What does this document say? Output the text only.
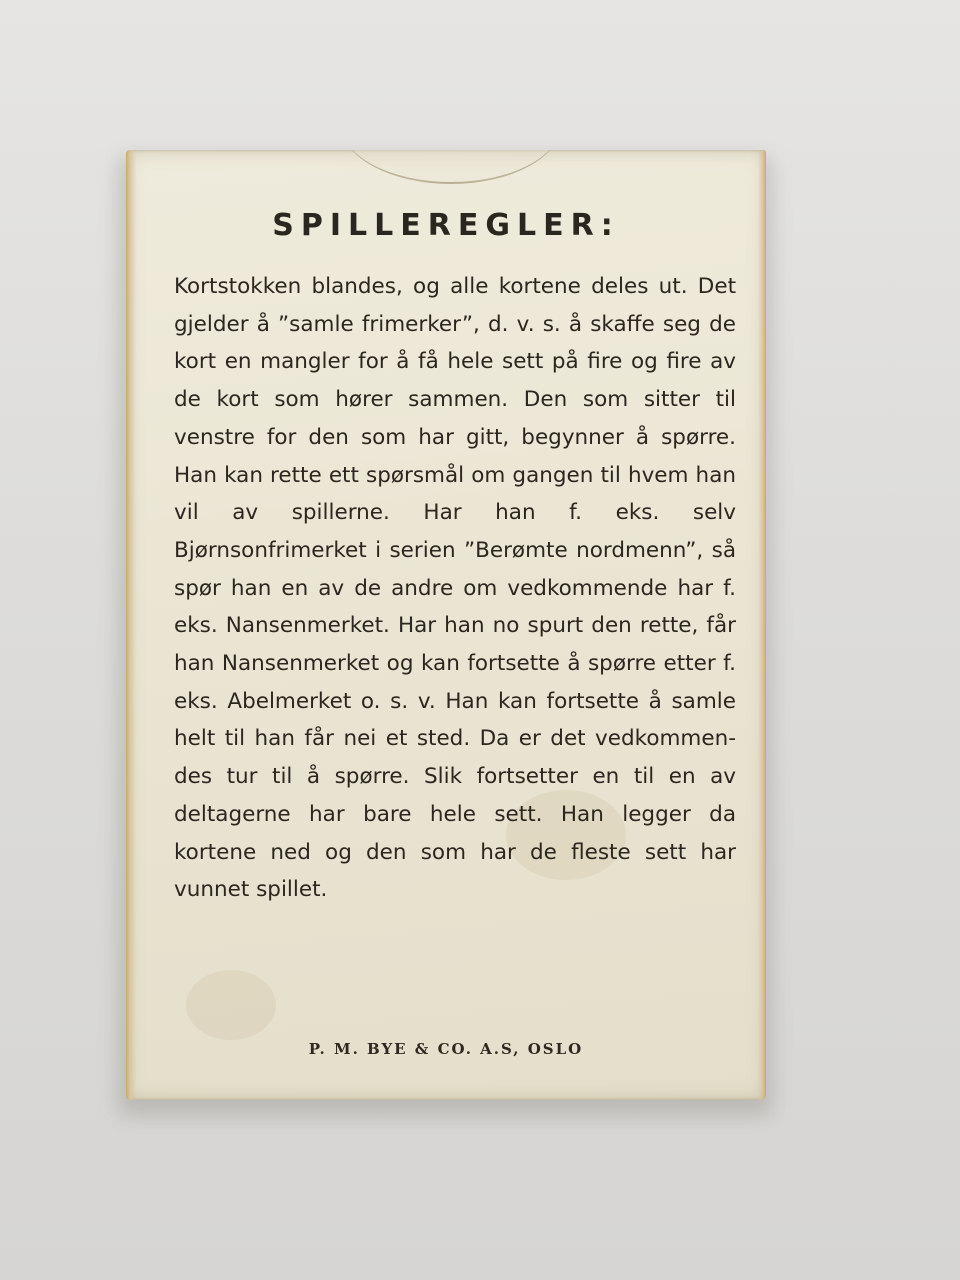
SPILLEREGLER:
Kortstokken blandes, og alle kortene deles ut. Det gjelder å ”samle frimerker”, d. v. s. å skaffe seg de kort en mangler for å få hele sett på fire og fire av de kort som hører sammen. Den som sitter til venstre for den som har gitt, begynner å spørre. Han kan rette ett spørsmål om gangen til hvem han vil av spillerne. Har han f. eks. selv Bjørnsonfrimerket i serien ”Berømte nordmenn”, så spør han en av de andre om vedkommende har f. eks. Nansenmerket. Har han no spurt den rette, får han Nansenmerket og kan fortsette å spørre etter f. eks. Abelmerket o. s. v. Han kan fortsette å samle helt til han får nei et sted. Da er det vedkommendes tur til å spørre. Slik fortsetter en til en av deltagerne har bare hele sett. Han legger da kortene ned og den som har de fleste sett har vunnet spillet.
P. M. BYE & CO. A.S, OSLO
